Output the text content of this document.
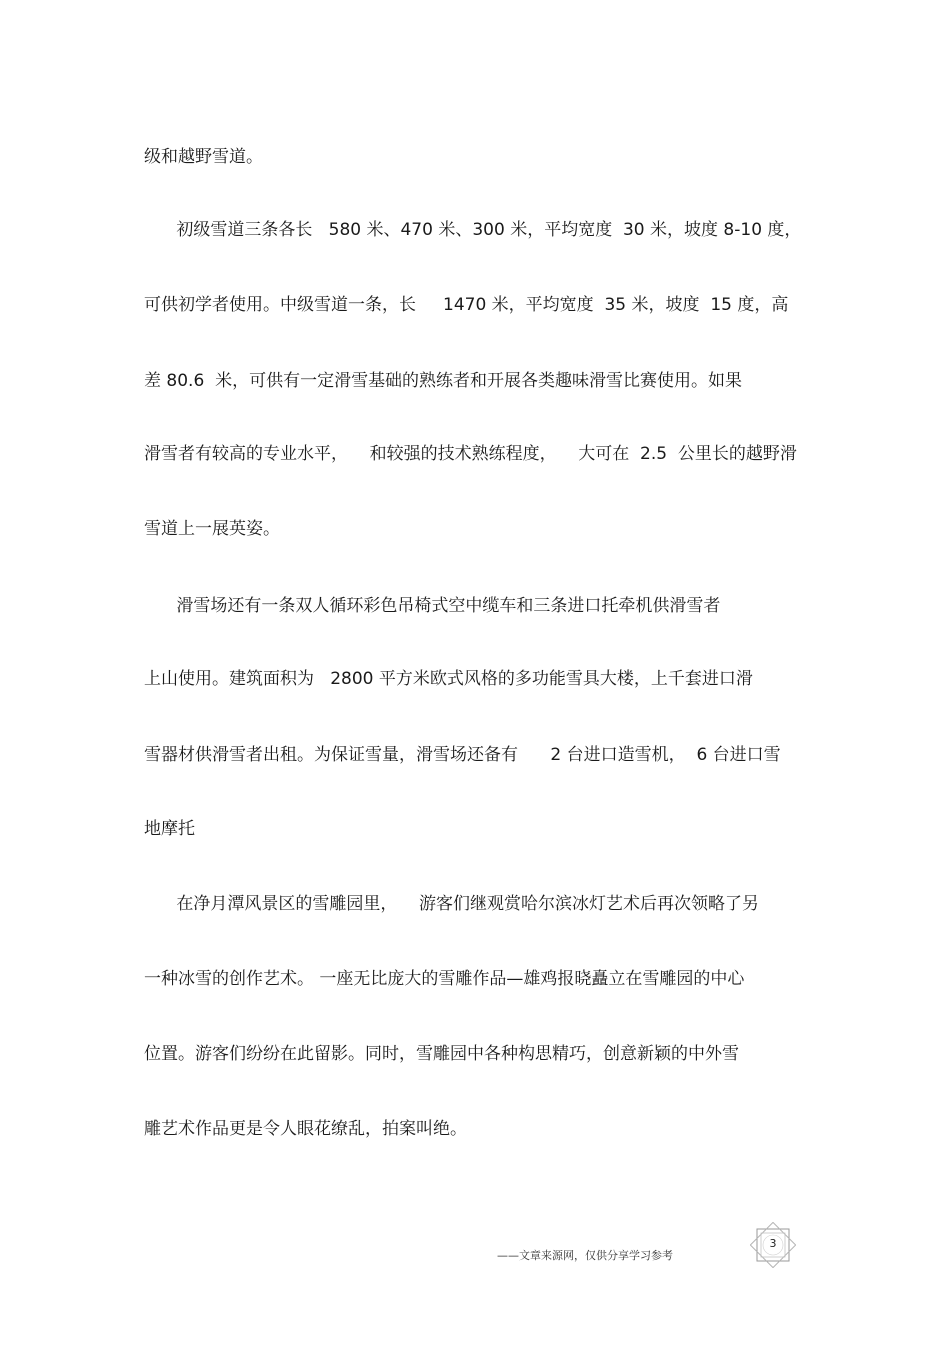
级和越野雪道。
初级雪道三条各长   580 米、470 米、300 米，平均宽度  30 米，坡度 8-10 度，
可供初学者使用。中级雪道一条，长     1470 米，平均宽度  35 米，坡度  15 度，高
差 80.6  米，可供有一定滑雪基础的熟练者和开展各类趣味滑雪比赛使用。如果
滑雪者有较高的专业水平，    和较强的技术熟练程度，    大可在  2.5  公里长的越野滑
雪道上一展英姿。
滑雪场还有一条双人循环彩色吊椅式空中缆车和三条进口托牵机供滑雪者
上山使用。建筑面积为   2800 平方米欧式风格的多功能雪具大楼，上千套进口滑
雪器材供滑雪者出租。为保证雪量，滑雪场还备有      2 台进口造雪机，  6 台进口雪
地摩托
在净月潭风景区的雪雕园里，    游客们继观赏哈尔滨冰灯艺术后再次领略了另
一种冰雪的创作艺术。 一座无比庞大的雪雕作品—雄鸡报晓矗立在雪雕园的中心
位置。游客们纷纷在此留影。同时，雪雕园中各种构思精巧，创意新颖的中外雪
雕艺术作品更是令人眼花缭乱，拍案叫绝。
——文章来源网，仅供分享学习参考
3
